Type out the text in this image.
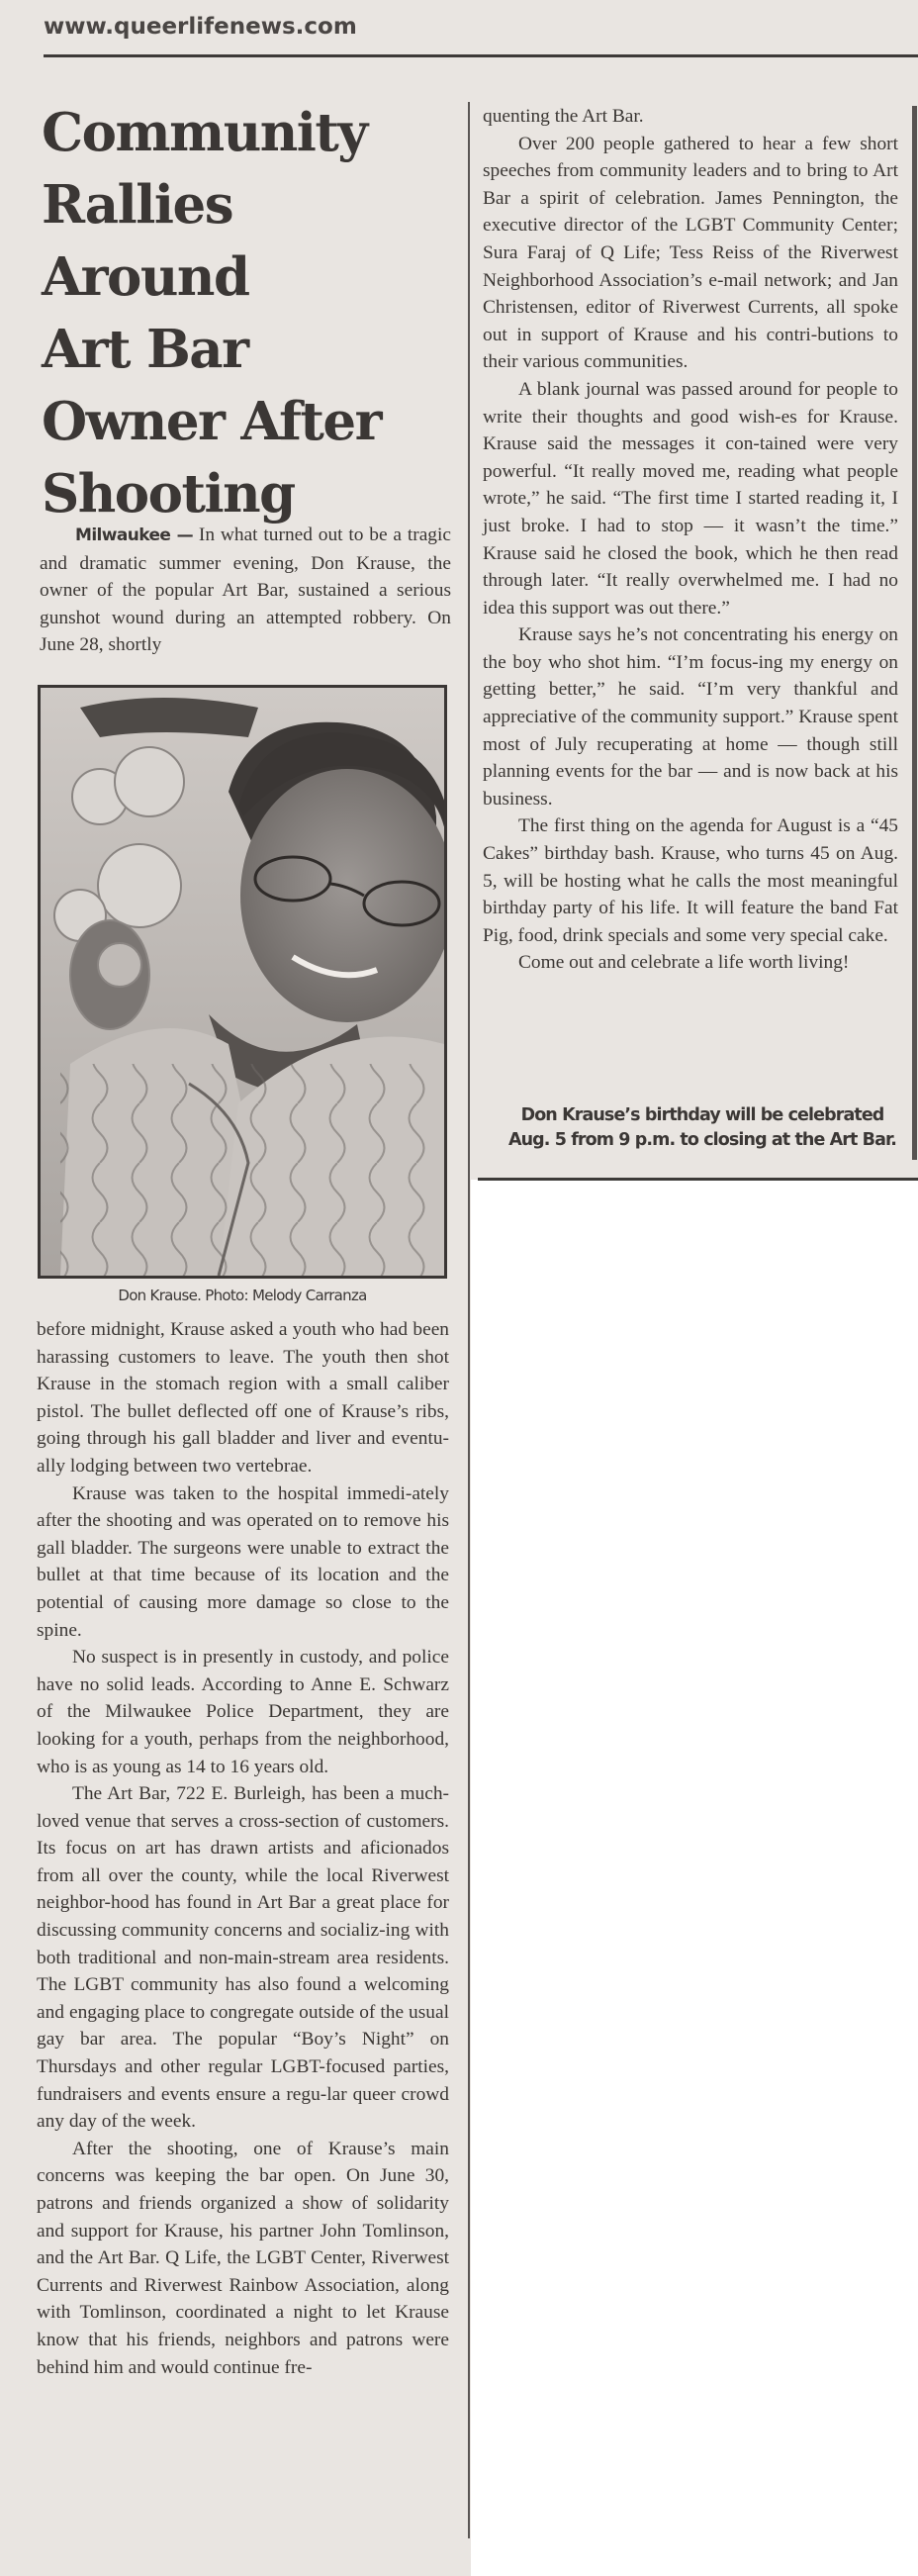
www.queerlifenews.com
Community
Rallies
Around
Art Bar
Owner After
Shooting

Milwaukee — In what turned out to be a tragic and dramatic summer evening, Don Krause, the owner of the popular Art Bar, sustained a serious gunshot wound during an attempted robbery. On June 28, shortly

Don Krause. Photo: Melody Carranza

before midnight, Krause asked a youth who had been harassing customers to leave. The youth then shot Krause in the stomach region with a small caliber pistol. The bullet deflected off one of Krause’s ribs, going through his gall bladder and liver and eventu-ally lodging between two vertebrae.

Krause was taken to the hospital immedi-ately after the shooting and was operated on to remove his gall bladder. The surgeons were unable to extract the bullet at that time because of its location and the potential of causing more damage so close to the spine.

No suspect is in presently in custody, and police have no solid leads. According to Anne E. Schwarz of the Milwaukee Police Department, they are looking for a youth, perhaps from the neighborhood, who is as young as 14 to 16 years old.

The Art Bar, 722 E. Burleigh, has been a much-loved venue that serves a cross-section of customers. Its focus on art has drawn artists and aficionados from all over the county, while the local Riverwest neighbor-hood has found in Art Bar a great place for discussing community concerns and socializ-ing with both traditional and non-main-stream area residents. The LGBT community has also found a welcoming and engaging place to congregate outside of the usual gay bar area. The popular “Boy’s Night” on Thursdays and other regular LGBT-focused parties, fundraisers and events ensure a regu-lar queer crowd any day of the week.

After the shooting, one of Krause’s main concerns was keeping the bar open. On June 30, patrons and friends organized a show of solidarity and support for Krause, his partner John Tomlinson, and the Art Bar. Q Life, the LGBT Center, Riverwest Currents and Riverwest Rainbow Association, along with Tomlinson, coordinated a night to let Krause know that his friends, neighbors and patrons were behind him and would continue fre-

quenting the Art Bar.

Over 200 people gathered to hear a few short speeches from community leaders and to bring to Art Bar a spirit of celebration. James Pennington, the executive director of the LGBT Community Center; Sura Faraj of Q Life; Tess Reiss of the Riverwest Neighborhood Association’s e-mail network; and Jan Christensen, editor of Riverwest Currents, all spoke out in support of Krause and his contri-butions to their various communities.

A blank journal was passed around for people to write their thoughts and good wish-es for Krause. Krause said the messages it con-tained were very powerful. “It really moved me, reading what people wrote,” he said. “The first time I started reading it, I just broke. I had to stop — it wasn’t the time.” Krause said he closed the book, which he then read through later. “It really overwhelmed me. I had no idea this support was out there.”

Krause says he’s not concentrating his energy on the boy who shot him. “I’m focus-ing my energy on getting better,” he said. “I’m very thankful and appreciative of the community support.” Krause spent most of July recuperating at home — though still planning events for the bar — and is now back at his business.

The first thing on the agenda for August is a “45 Cakes” birthday bash. Krause, who turns 45 on Aug. 5, will be hosting what he calls the most meaningful birthday party of his life. It will feature the band Fat Pig, food, drink specials and some very special cake.

Come out and celebrate a life worth living!

Don Krause’s birthday will be celebrated
Aug. 5 from 9 p.m. to closing at the Art Bar.
